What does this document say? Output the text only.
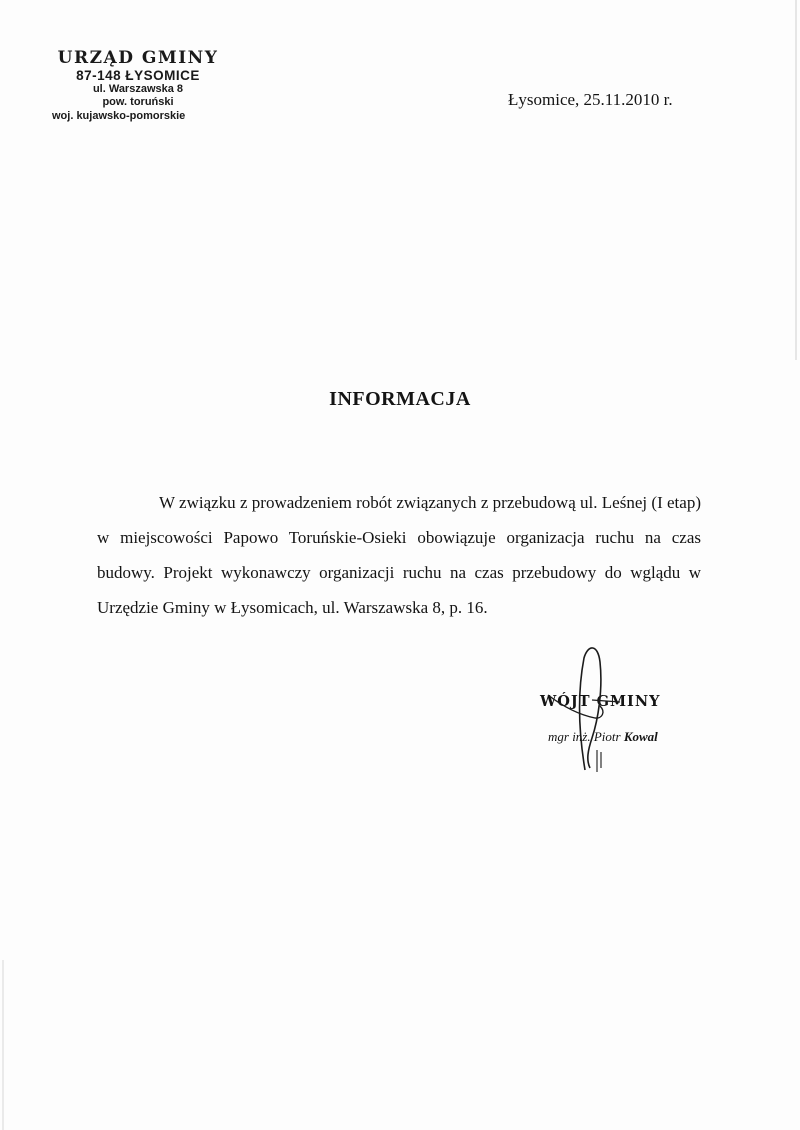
URZĄD GMINY
87-148 ŁYSOMICE
ul. Warszawska 8
pow. toruński
woj. kujawsko-pomorskie
Łysomice, 25.11.2010 r.
INFORMACJA

W związku z prowadzeniem robót związanych z przebudową ul. Leśnej (I etap) w miejscowości Papowo Toruńskie-Osieki obowiązuje organizacja ruchu na czas budowy. Projekt wykonawczy organizacji ruchu na czas przebudowy do wglądu w Urzędzie Gminy w Łysomicach, ul. Warszawska 8, p. 16.

WÓJT GMINY
mgr inż. Piotr Kowal
